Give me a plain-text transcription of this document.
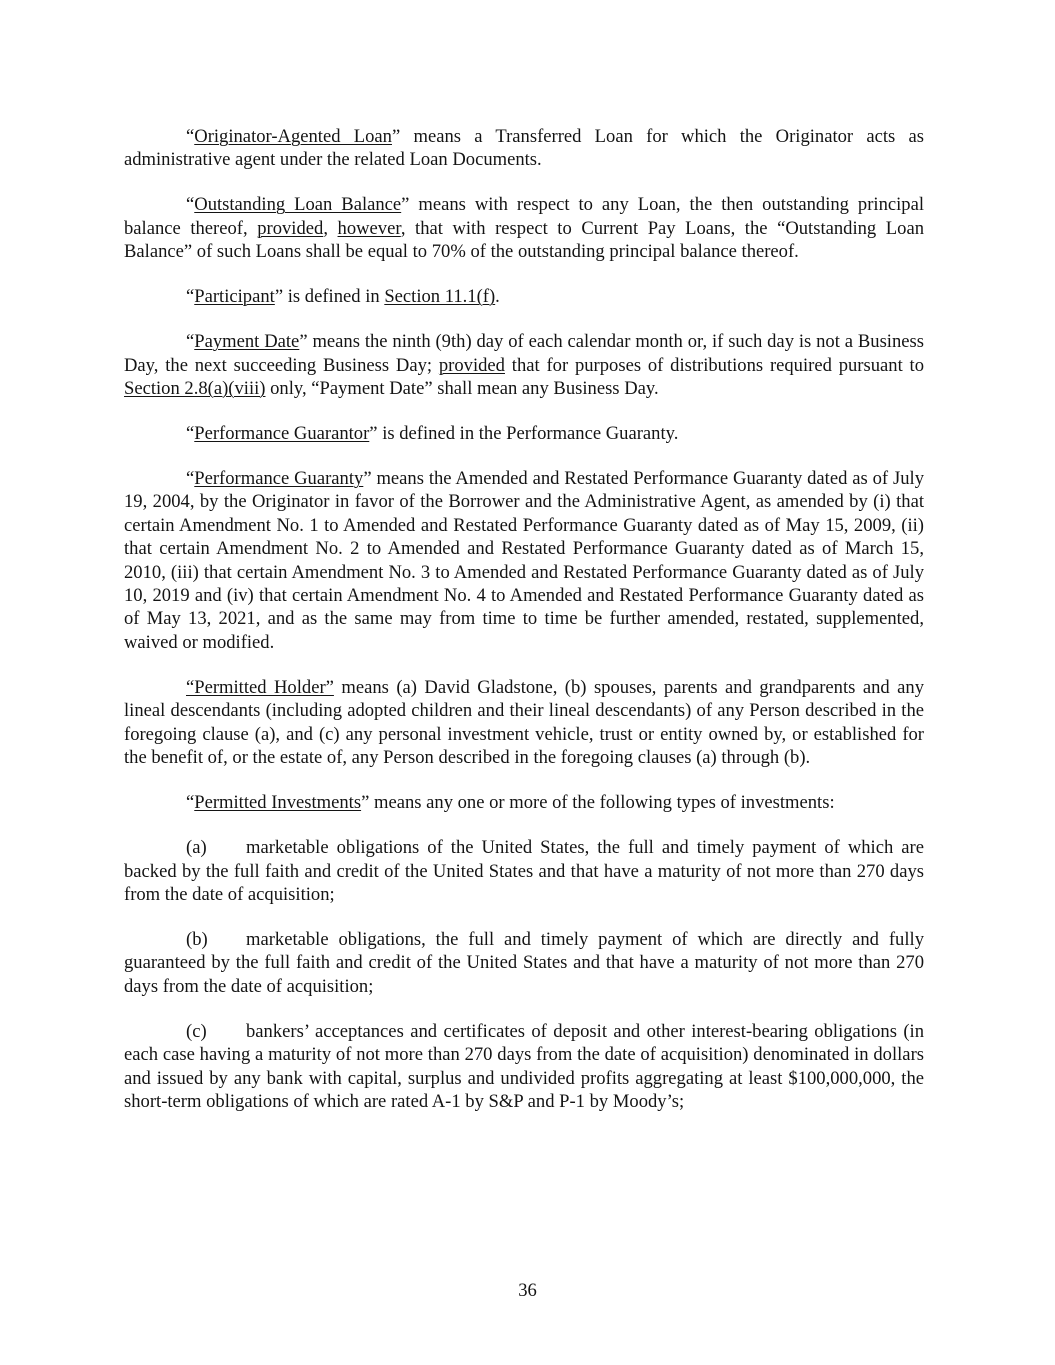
“Originator-Agented Loan” means a Transferred Loan for which the Originator acts as administrative agent under the related Loan Documents.

“Outstanding Loan Balance” means with respect to any Loan, the then outstanding principal balance thereof, provided, however, that with respect to Current Pay Loans, the “Outstanding Loan Balance” of such Loans shall be equal to 70% of the outstanding principal balance thereof.

“Participant” is defined in Section 11.1(f).

“Payment Date” means the ninth (9th) day of each calendar month or, if such day is not a Business Day, the next succeeding Business Day; provided that for purposes of distributions required pursuant to Section 2.8(a)(viii) only, “Payment Date” shall mean any Business Day.

“Performance Guarantor” is defined in the Performance Guaranty.

“Performance Guaranty” means the Amended and Restated Performance Guaranty dated as of July 19, 2004, by the Originator in favor of the Borrower and the Administrative Agent, as amended by (i) that certain Amendment No. 1 to Amended and Restated Performance Guaranty dated as of May 15, 2009, (ii) that certain Amendment No. 2 to Amended and Restated Performance Guaranty dated as of March 15, 2010, (iii) that certain Amendment No. 3 to Amended and Restated Performance Guaranty dated as of July 10, 2019 and (iv) that certain Amendment No. 4 to Amended and Restated Performance Guaranty dated as of May 13, 2021, and as the same may from time to time be further amended, restated, supplemented, waived or modified.

“Permitted Holder” means (a) David Gladstone, (b) spouses, parents and grandparents and any lineal descendants (including adopted children and their lineal descendants) of any Person described in the foregoing clause (a), and (c) any personal investment vehicle, trust or entity owned by, or established for the benefit of, or the estate of, any Person described in the foregoing clauses (a) through (b).

“Permitted Investments” means any one or more of the following types of investments:

(a) marketable obligations of the United States, the full and timely payment of which are backed by the full faith and credit of the United States and that have a maturity of not more than 270 days from the date of acquisition;

(b) marketable obligations, the full and timely payment of which are directly and fully guaranteed by the full faith and credit of the United States and that have a maturity of not more than 270 days from the date of acquisition;

(c) bankers’ acceptances and certificates of deposit and other interest-bearing obligations (in each case having a maturity of not more than 270 days from the date of acquisition) denominated in dollars and issued by any bank with capital, surplus and undivided profits aggregating at least $100,000,000, the short-term obligations of which are rated A-1 by S&P and P-1 by Moody’s;

36
